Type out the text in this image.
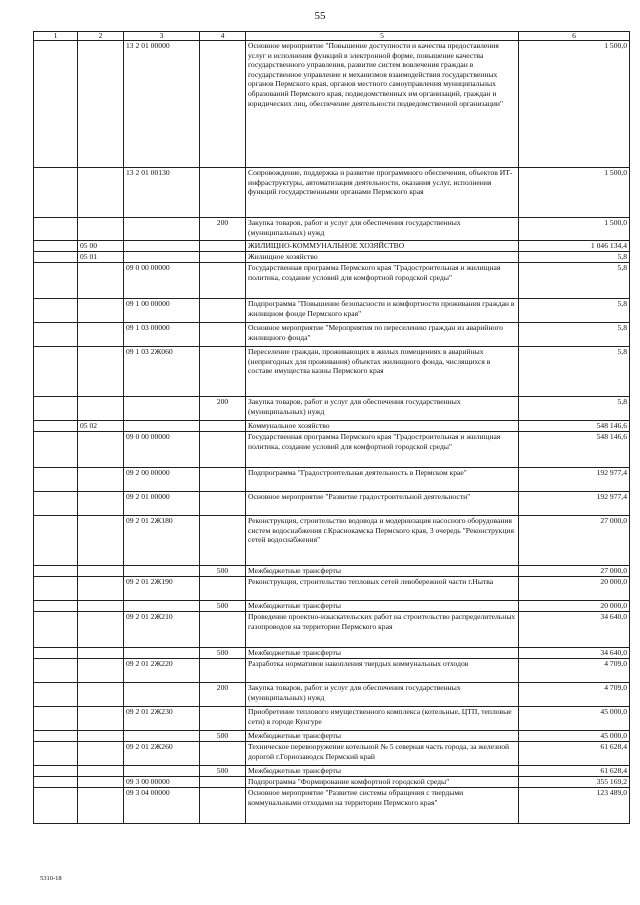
55
1	2	3	4	5	6
		13 2 01 00000		Основное мероприятие "Повышение доступности и качества предоставления услуг и исполнения функций в электронной форме, повышение качества государственного управления, развитие систем вовлечения граждан в государственное управление и механизмов взаимодействия государственных органов Пермского края, органов местного самоуправления муниципальных образований Пермского края, подведомственных им организаций, граждан и юридических лиц, обеспечение деятельности подведомственной организации"	1 500,0
		13 2 01 00130		Сопровождение, поддержка и развитие программного обеспечения, объектов ИТ-инфраструктуры, автоматизация деятельности, оказания услуг, исполнения функций государственными органами Пермского края	1 500,0
			200	Закупка товаров, работ и услуг для обеспечения государственных (муниципальных) нужд	1 500,0
	05 00			ЖИЛИЩНО-КОММУНАЛЬНОЕ ХОЗЯЙСТВО	1 046 134,4
	05 01			Жилищное хозяйство	5,8
		09 0 00 00000		Государственная программа Пермского края "Градостроительная и жилищная политика, создание условий для комфортной городской среды"	5,8
		09 1 00 00000		Подпрограмма "Повышение безопасности и комфортности проживания граждан в жилищном фонде Пермского края"	5,8
		09 1 03 00000		Основное мероприятие "Мероприятия по переселению граждан из аварийного жилищного фонда"	5,8
		09 1 03 2Ж060		Переселение граждан, проживающих в жилых помещениях в аварийных (непригодных для проживания) объектах жилищного фонда, числящихся в составе имущества казны Пермского края	5,8
			200	Закупка товаров, работ и услуг для обеспечения государственных (муниципальных) нужд	5,8
	05 02			Коммунальное хозяйство	548 146,6
		09 0 00 00000		Государственная программа Пермского края "Градостроительная и жилищная политика, создание условий для комфортной городской среды"	548 146,6
		09 2 00 00000		Подпрограмма "Градостроительная деятельность в Пермском крае"	192 977,4
		09 2 01 00000		Основное мероприятие "Развитие градостроительной деятельности"	192 977,4
		09 2 01 2Ж180		Реконструкция, строительство водовода и модернизация насосного оборудования систем водоснабжения г.Краснокамска Пермского края, 3 очередь "Реконструкция сетей водоснабжения"	27 000,0
			500	Межбюджетные трансферты	27 000,0
		09 2 01 2Ж190		Реконструкция, строительство тепловых сетей левобережной части г.Нытва	20 000,0
			500	Межбюджетные трансферты	20 000,0
		09 2 01 2Ж210		Проведение проектно-изыскательских работ на строительство распределительных газопроводов на территории Пермского края	34 640,0
			500	Межбюджетные трансферты	34 640,0
		09 2 01 2Ж220		Разработка нормативов накопления твердых коммунальных отходов	4 709,0
			200	Закупка товаров, работ и услуг для обеспечения государственных (муниципальных) нужд	4 709,0
		09 2 01 2Ж230		Приобретение теплового имущественного комплекса (котельные, ЦТП, тепловые сети) в городе Кунгуре	45 000,0
			500	Межбюджетные трансферты	45 000,0
		09 2 01 2Ж260		Техническое перевооружение котельной № 5 северная часть города, за железной дорогой г.Горнозаводск Пермский край	61 628,4
			500	Межбюджетные трансферты	61 628,4
		09 3 00 00000		Подпрограмма "Формирование комфортной городской среды"	355 169,2
		09 3 04 00000		Основное мероприятие "Развитие системы обращения с твердыми коммунальными отходами на территории Пермского края"	123 489,0
5310-18
